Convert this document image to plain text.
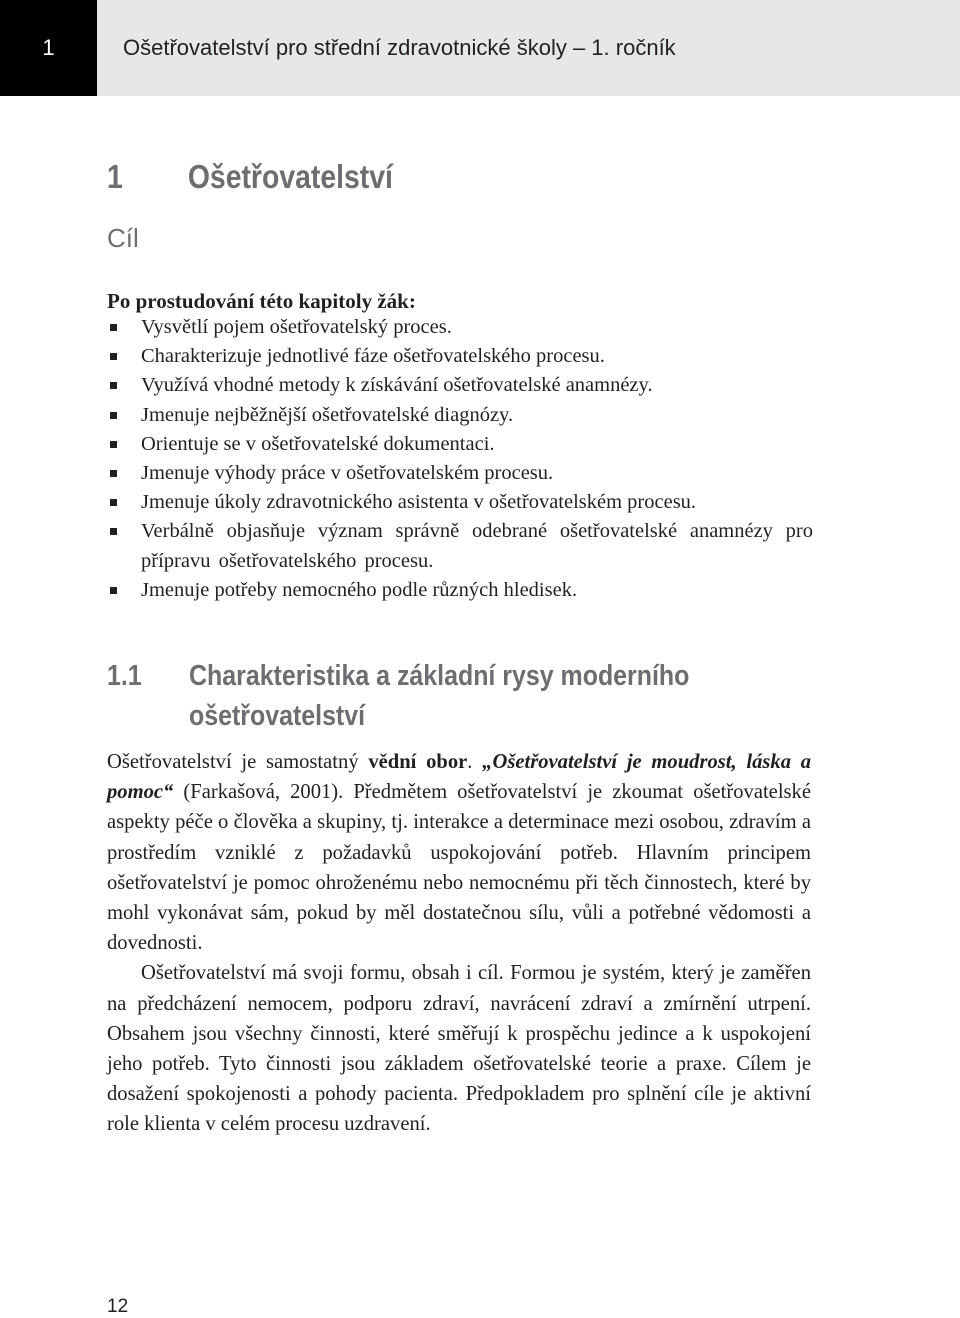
1	Ošetřovatelství pro střední zdravotnické školy – 1. ročník
1 Ošetřovatelství
Cíl
Po prostudování této kapitoly žák:
Vysvětlí pojem ošetřovatelský proces.
Charakterizuje jednotlivé fáze ošetřovatelského procesu.
Využívá vhodné metody k získávání ošetřovatelské anamnézy.
Jmenuje nejběžnější ošetřovatelské diagnózy.
Orientuje se v ošetřovatelské dokumentaci.
Jmenuje výhody práce v ošetřovatelském procesu.
Jmenuje úkoly zdravotnického asistenta v ošetřovatelském procesu.
Verbálně objasňuje význam správně odebrané ošetřovatelské anamnézy pro přípravu ošetřovatelského procesu.
Jmenuje potřeby nemocného podle různých hledisek.
1.1 Charakteristika a základní rysy moderního ošetřovatelství

Ošetřovatelství je samostatný vědní obor. „Ošetřovatelství je moudrost, láska a pomoc“ (Farkašová, 2001). Předmětem ošetřovatelství je zkoumat ošetřovatelské aspekty péče o člověka a skupiny, tj. interakce a determinace mezi osobou, zdravím a prostředím vzniklé z požadavků uspokojování potřeb. Hlavním principem ošetřovatelství je pomoc ohroženému nebo nemocnému při těch činnostech, které by mohl vykonávat sám, pokud by měl dostatečnou sílu, vůli a potřebné vědomosti a dovednosti.

Ošetřovatelství má svoji formu, obsah i cíl. Formou je systém, který je zaměřen na předcházení nemocem, podporu zdraví, navrácení zdraví a zmírnění utrpení. Obsahem jsou všechny činnosti, které směřují k prospěchu jedince a k uspokojení jeho potřeb. Tyto činnosti jsou základem ošetřovatelské teorie a praxe. Cílem je dosažení spokojenosti a pohody pacienta. Předpokladem pro splnění cíle je aktivní role klienta v celém procesu uzdravení.

12
